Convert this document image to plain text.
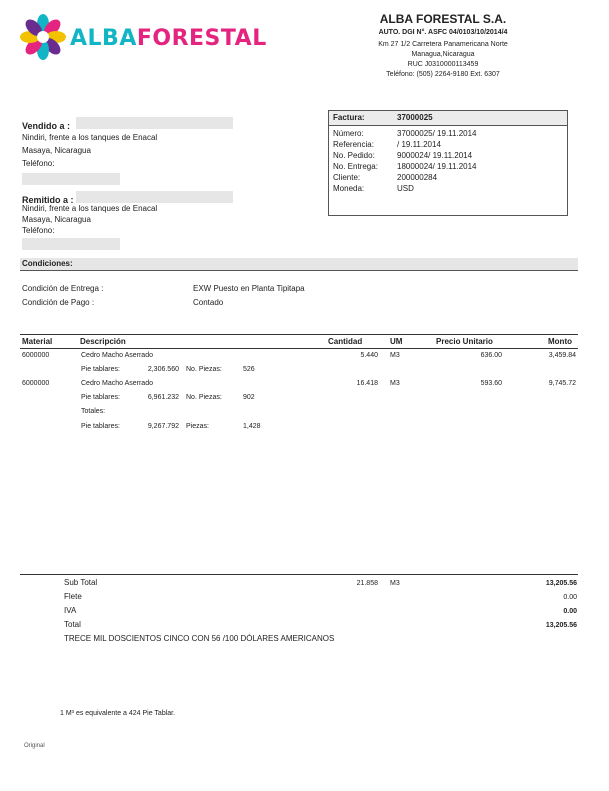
ALBAFORESTAL
ALBA FORESTAL S.A.
AUTO. DGI N°. ASFC 04/0103/10/2014/4
Km 27 1/2 Carretera Panamericana Norte
Managua,Nicaragua
RUC J0310000113459
Teléfono: (505) 2264-9180 Ext. 6307
Vendido a :
Nindiri, frente a los tanques de Enacal
Masaya, Nicaragua
Teléfono:
Remitido a :
Nindiri, frente a los tanques de Enacal
Masaya, Nicaragua
Teléfono:
Factura:	37000025
Número:	37000025/ 19.11.2014
Referencia:	/ 19.11.2014
No. Pedido:	9000024/ 19.11.2014
No. Entrega: 18000024/ 19.11.2014
Cliente:	200000284
Moneda:	USD
Condiciones:
Condición de Entrega :	EXW Puesto en Planta Tipitapa
Condición de Pago :	Contado
Material	Descripción	Cantidad	UM	Precio Unitario	Monto
6000000	Cedro Macho Aserrado	5.440 M3	636.00	3,459.84
Pie tablares:	2,306.560 No. Piezas:	526
6000000	Cedro Macho Aserrado	16.418 M3	593.60	9,745.72
Pie tablares:	6,961.232 No. Piezas:	902
Totales:
Pie tablares:	9,267.792 Piezas:	1,428
Sub Total	21.858 M3	13,205.56
Flete	0.00
IVA	0.00
Total	13,205.56
TRECE MIL DOSCIENTOS CINCO CON 56 /100 DÓLARES AMERICANOS
1 M³ es equivalente a 424 Pie Tablar.
Original
